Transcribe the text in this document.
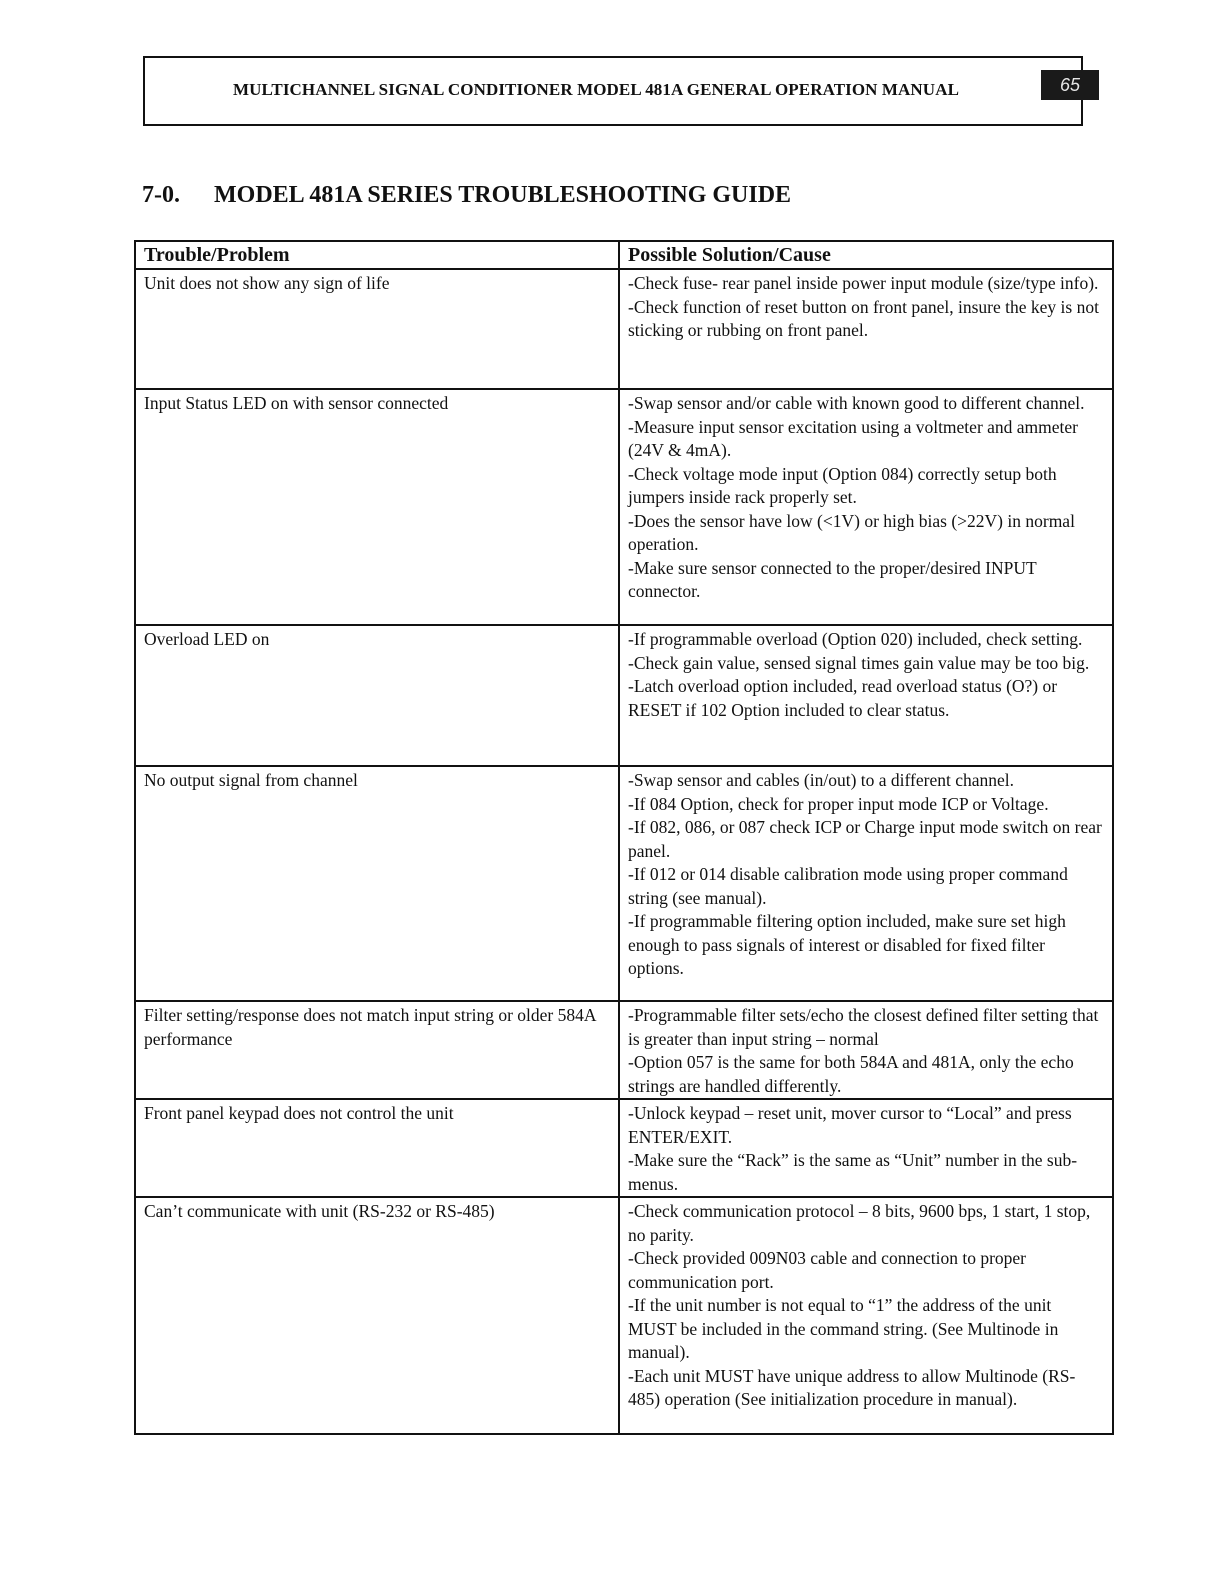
MULTICHANNEL SIGNAL CONDITIONER MODEL 481A GENERAL OPERATION MANUAL	65
7-0. MODEL 481A SERIES TROUBLESHOOTING GUIDE
Trouble/Problem	Possible Solution/Cause
Unit does not show any sign of life	-Check fuse- rear panel inside power input module (size/type info).
-Check function of reset button on front panel, insure the key is not sticking or rubbing on front panel.

Input Status LED on with sensor connected	-Swap sensor and/or cable with known good to different channel.
-Measure input sensor excitation using a voltmeter and ammeter (24V & 4mA).
-Check voltage mode input (Option 084) correctly setup both jumpers inside rack properly set.
-Does the sensor have low (<1V) or high bias (>22V) in normal operation.
-Make sure sensor connected to the proper/desired INPUT connector.

Overload LED on	-If programmable overload (Option 020) included, check setting.
-Check gain value, sensed signal times gain value may be too big.
-Latch overload option included, read overload status (O?) or RESET if 102 Option included to clear status.

No output signal from channel	-Swap sensor and cables (in/out) to a different channel.
-If 084 Option, check for proper input mode ICP or Voltage.
-If 082, 086, or 087 check ICP or Charge input mode switch on rear panel.
-If 012 or 014 disable calibration mode using proper command string (see manual).
-If programmable filtering option included, make sure set high enough to pass signals of interest or disabled for fixed filter options.

Filter setting/response does not match input string or older 584A performance	-Programmable filter sets/echo the closest defined filter setting that is greater than input string – normal
-Option 057 is the same for both 584A and 481A, only the echo strings are handled differently.

Front panel keypad does not control the unit	-Unlock keypad – reset unit, mover cursor to “Local” and press ENTER/EXIT.
-Make sure the “Rack” is the same as “Unit” number in the sub-menus.

Can’t communicate with unit (RS-232 or RS-485)	-Check communication protocol – 8 bits, 9600 bps, 1 start, 1 stop, no parity.
-Check provided 009N03 cable and connection to proper communication port.
-If the unit number is not equal to “1” the address of the unit MUST be included in the command string. (See Multinode in manual).
-Each unit MUST have unique address to allow Multinode (RS-485) operation (See initialization procedure in manual).
